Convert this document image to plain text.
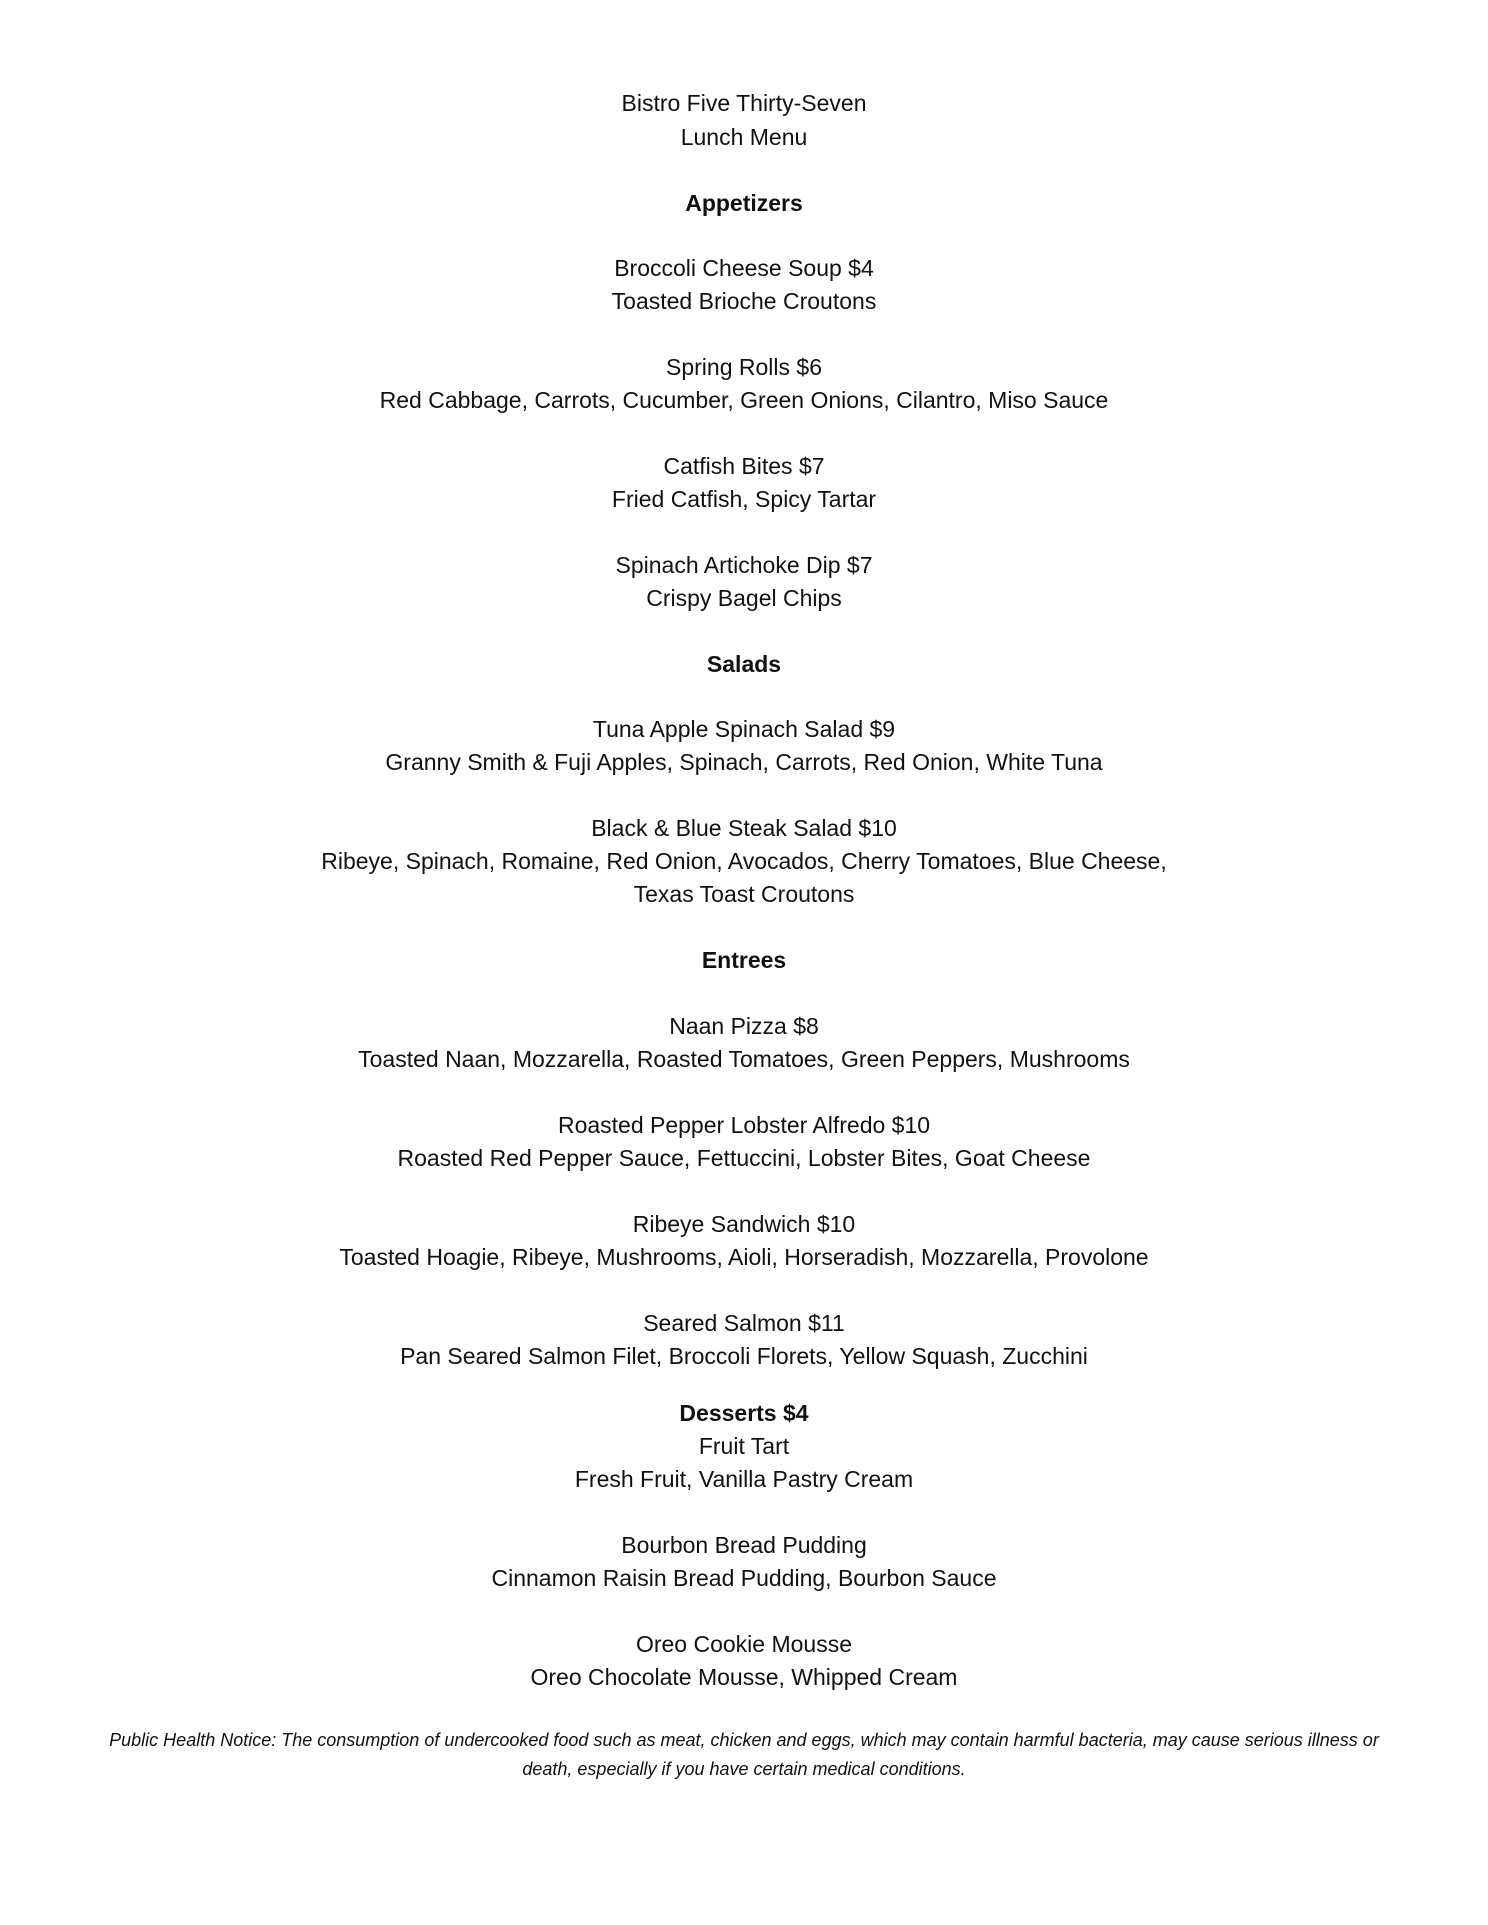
Bistro Five Thirty-Seven
Lunch Menu
Appetizers
Broccoli Cheese Soup $4
Toasted Brioche Croutons
Spring Rolls $6
Red Cabbage, Carrots, Cucumber, Green Onions, Cilantro, Miso Sauce
Catfish Bites $7
Fried Catfish, Spicy Tartar
Spinach Artichoke Dip $7
Crispy Bagel Chips
Salads
Tuna Apple Spinach Salad $9
Granny Smith & Fuji Apples, Spinach, Carrots, Red Onion, White Tuna
Black & Blue Steak Salad $10
Ribeye, Spinach, Romaine, Red Onion, Avocados, Cherry Tomatoes, Blue Cheese,
Texas Toast Croutons
Entrees
Naan Pizza $8
Toasted Naan, Mozzarella, Roasted Tomatoes, Green Peppers, Mushrooms
Roasted Pepper Lobster Alfredo $10
Roasted Red Pepper Sauce, Fettuccini, Lobster Bites, Goat Cheese
Ribeye Sandwich $10
Toasted Hoagie, Ribeye, Mushrooms, Aioli, Horseradish, Mozzarella, Provolone
Seared Salmon $11
Pan Seared Salmon Filet, Broccoli Florets, Yellow Squash, Zucchini
Desserts $4
Fruit Tart
Fresh Fruit, Vanilla Pastry Cream
Bourbon Bread Pudding
Cinnamon Raisin Bread Pudding, Bourbon Sauce
Oreo Cookie Mousse
Oreo Chocolate Mousse, Whipped Cream
Public Health Notice: The consumption of undercooked food such as meat, chicken and eggs, which may contain harmful bacteria, may cause serious illness or death, especially if you have certain medical conditions.
